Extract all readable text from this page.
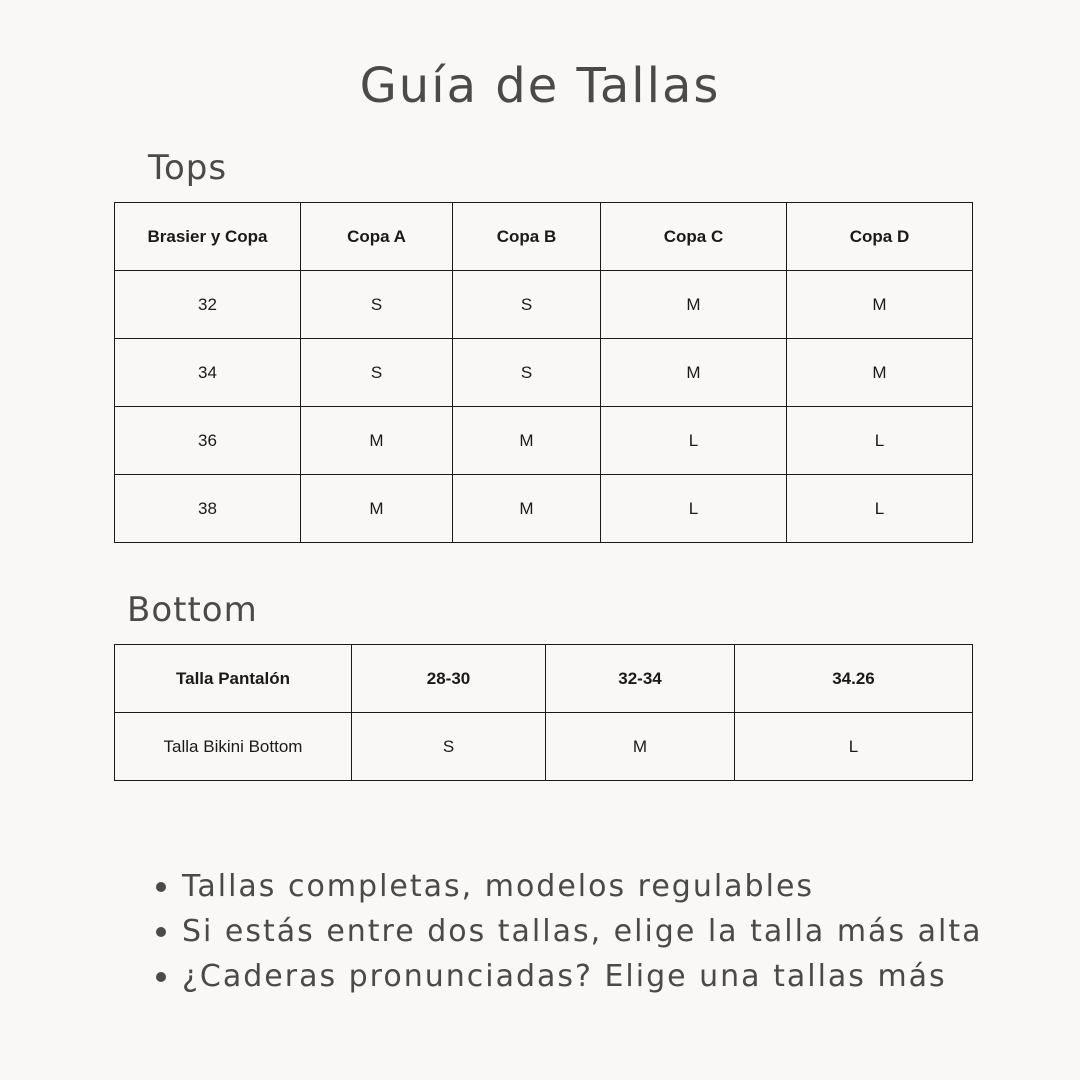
Guía de Tallas
Tops
Brasier y Copa	Copa A	Copa B	Copa C	Copa D
32	S	S	M	M
34	S	S	M	M
36	M	M	L	L
38	M	M	L	L
Bottom
Talla Pantalón	28-30	32-34	34.26
Talla Bikini Bottom	S	M	L
Tallas completas, modelos regulables
Si estás entre dos tallas, elige la talla más alta
¿Caderas pronunciadas? Elige una tallas más
